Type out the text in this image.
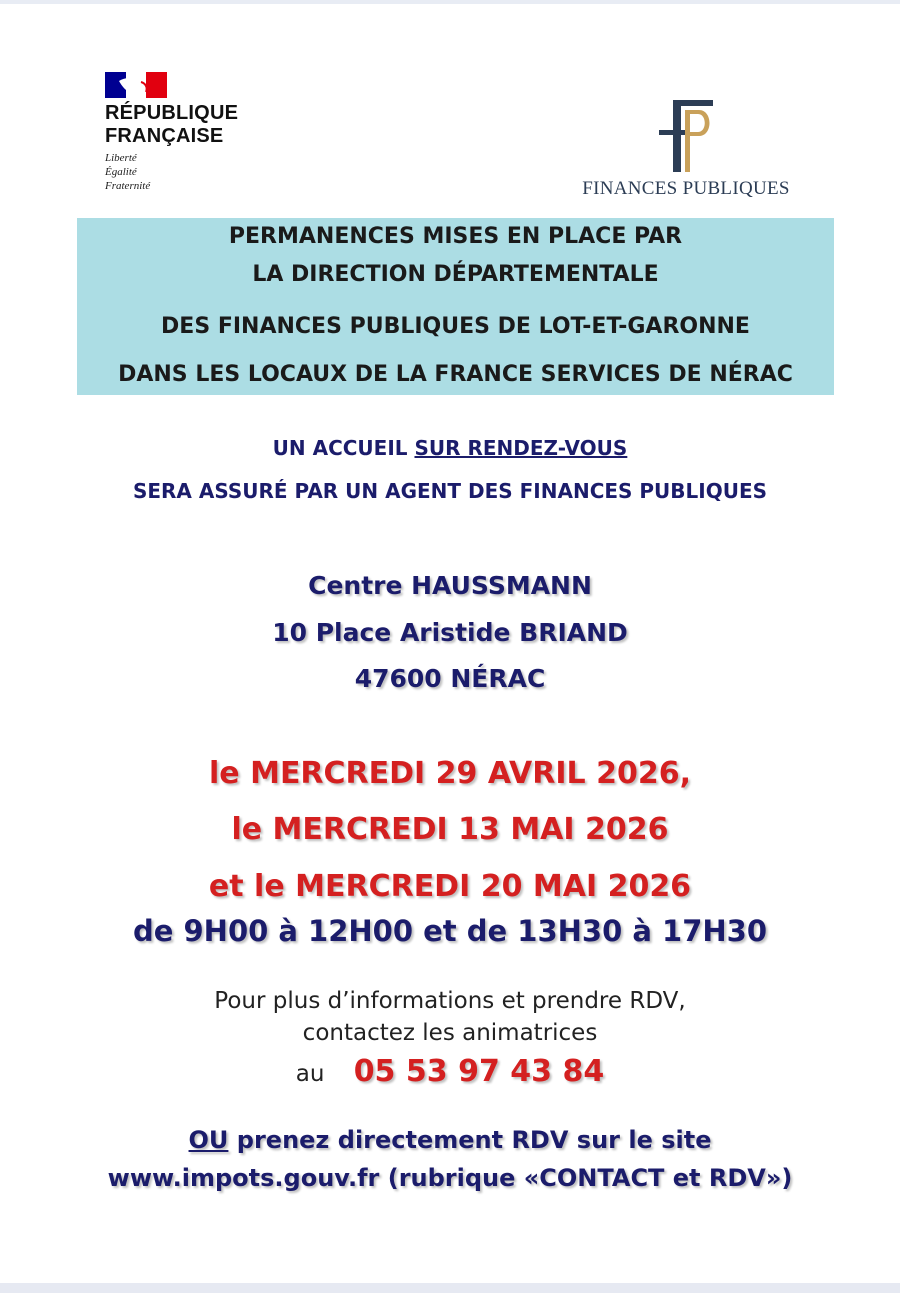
RÉPUBLIQUE
FRANÇAISE
Liberté
Égalité
Fraternité	FINANCES PUBLIQUES
PERMANENCES MISES EN PLACE PAR
LA DIRECTION DÉPARTEMENTALE
DES FINANCES PUBLIQUES DE LOT-ET-GARONNE
DANS LES LOCAUX DE LA FRANCE SERVICES DE NÉRAC
UN ACCUEIL SUR RENDEZ-VOUS
SERA ASSURÉ PAR UN AGENT DES FINANCES PUBLIQUES
Centre HAUSSMANN
10 Place Aristide BRIAND
47600 NÉRAC
le MERCREDI 29 AVRIL 2026,
le MERCREDI 13 MAI 2026
et le MERCREDI 20 MAI 2026
de 9H00 à 12H00 et de 13H30 à 17H30
Pour plus d’informations et prendre RDV,
contactez les animatrices
au 05 53 97 43 84
OU prenez directement RDV sur le site
www.impots.gouv.fr (rubrique «CONTACT et RDV»)
